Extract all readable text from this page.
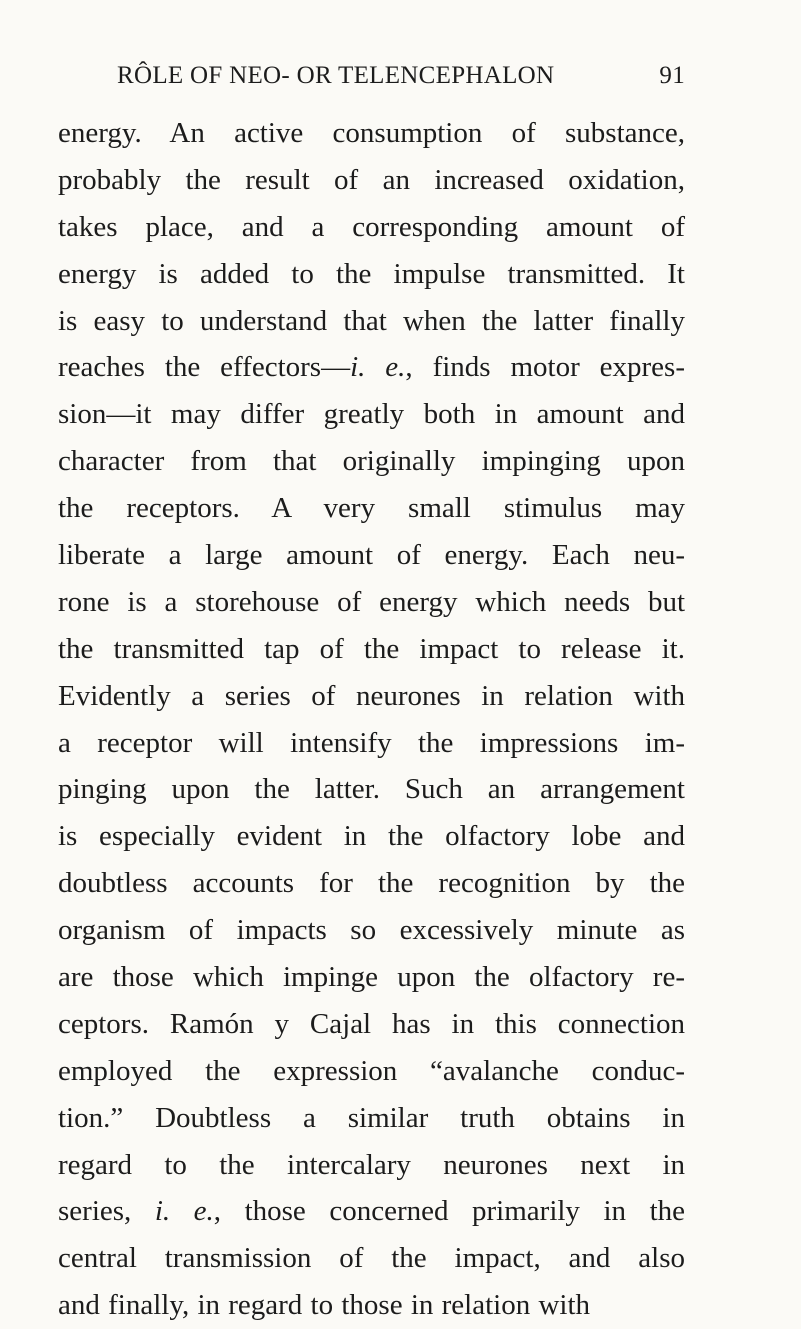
RÔLE OF NEO- OR TELENCEPHALON	91
energy. An active consumption of substance,
probably the result of an increased oxidation,
takes place, and a corresponding amount of
energy is added to the impulse transmitted. It
is easy to understand that when the latter finally
reaches the effectors—i. e., finds motor expres-
sion—it may differ greatly both in amount and
character from that originally impinging upon
the receptors. A very small stimulus may
liberate a large amount of energy. Each neu-
rone is a storehouse of energy which needs but
the transmitted tap of the impact to release it.
Evidently a series of neurones in relation with
a receptor will intensify the impressions im-
pinging upon the latter. Such an arrangement
is especially evident in the olfactory lobe and
doubtless accounts for the recognition by the
organism of impacts so excessively minute as
are those which impinge upon the olfactory re-
ceptors. Ramón y Cajal has in this connection
employed the expression “avalanche conduc-
tion.” Doubtless a similar truth obtains in
regard to the intercalary neurones next in
series, i. e., those concerned primarily in the
central transmission of the impact, and also
and finally, in regard to those in relation with
